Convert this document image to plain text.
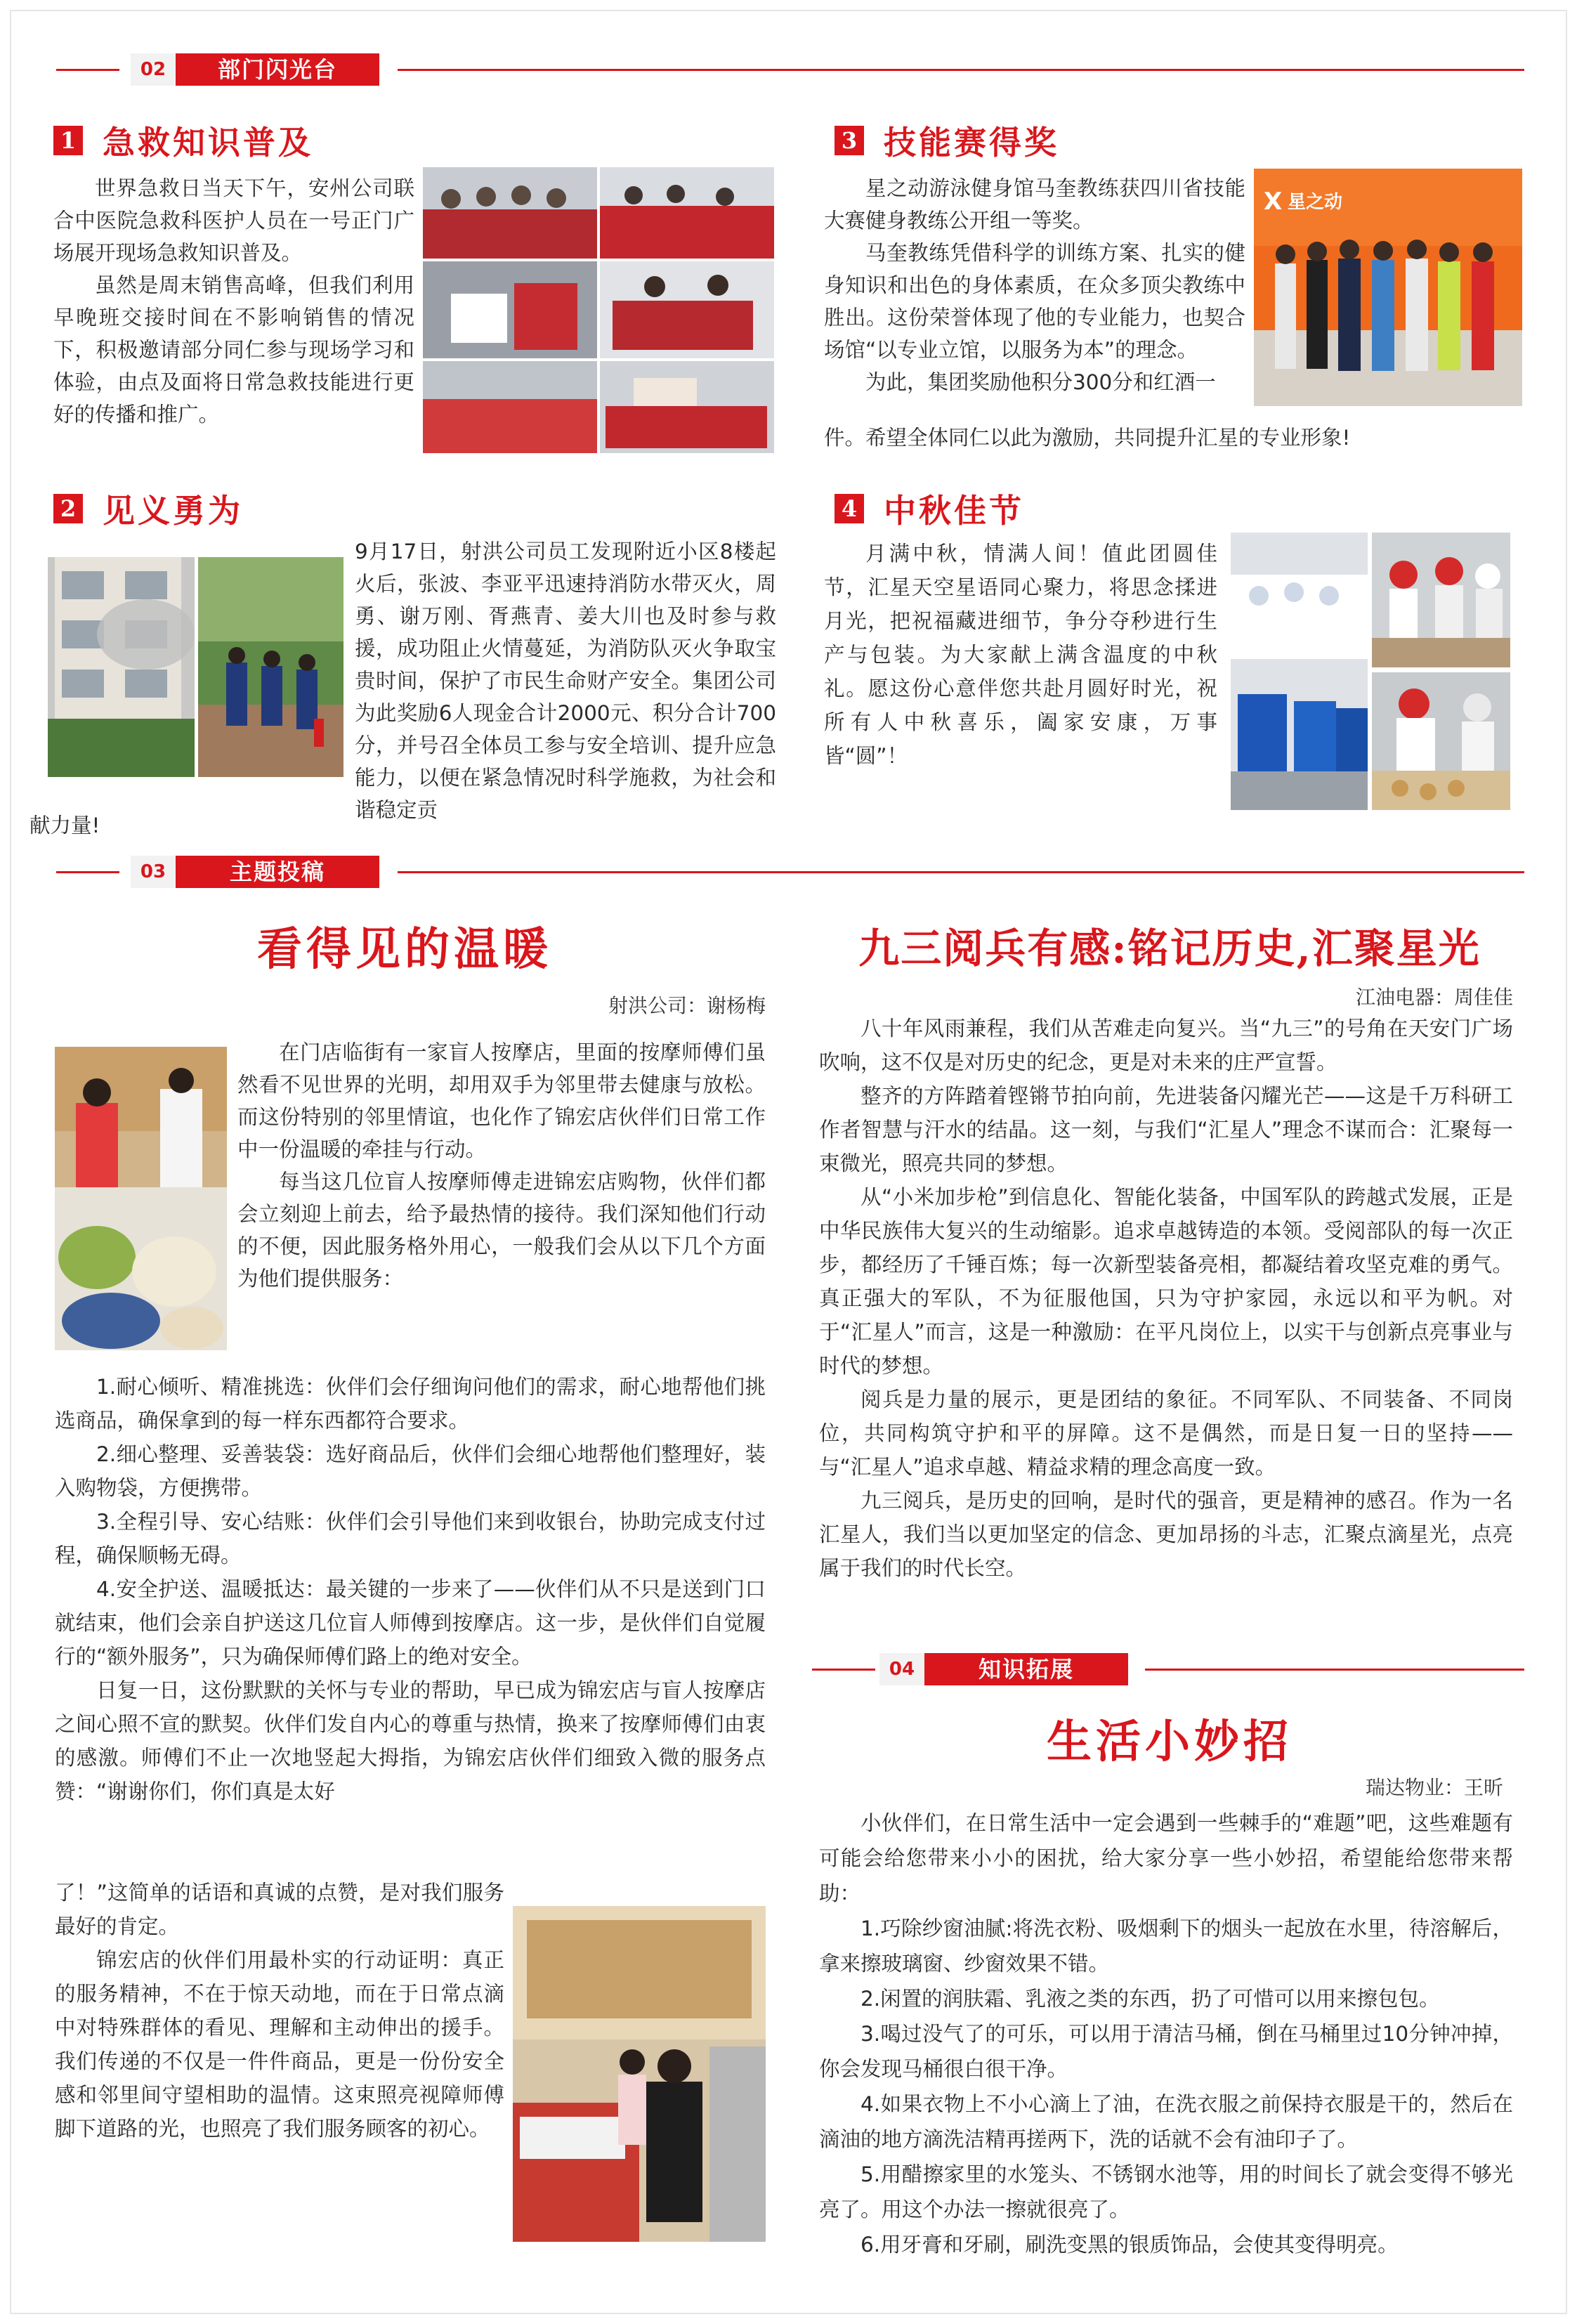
02	部门闪光台
1 急救知识普及

世界急救日当天下午，安州公司联合中医院急救科医护人员在一号正门广场展开现场急救知识普及。

虽然是周末销售高峰，但我们利用早晚班交接时间在不影响销售的情况下，积极邀请部分同仁参与现场学习和体验，由点及面将日常急救技能进行更好的传播和推广。

3 技能赛得奖

星之动游泳健身馆马奎教练获四川省技能大赛健身教练公开组一等奖。

马奎教练凭借科学的训练方案、扎实的健身知识和出色的身体素质，在众多顶尖教练中胜出。这份荣誉体现了他的专业能力，也契合场馆“以专业立馆，以服务为本”的理念。

为此，集团奖励他积分300分和红酒一

件。希望全体同仁以此为激励，共同提升汇星的专业形象!

X 星之动
2 见义勇为

9月17日，射洪公司员工发现附近小区8楼起火后，张波、李亚平迅速持消防水带灭火，周勇、谢万刚、胥燕青、姜大川也及时参与救援，成功阻止火情蔓延，为消防队灭火争取宝贵时间，保护了市民生命财产安全。集团公司为此奖励6人现金合计2000元、积分合计700分，并号召全体员工参与安全培训、提升应急能力，以便在紧急情况时科学施救，为社会和谐稳定贡

献力量!

4 中秋佳节

月满中秋，情满人间！值此团圆佳节，汇星天空星语同心聚力，将思念揉进月光，把祝福藏进细节，争分夺秒进行生产与包装。为大家献上满含温度的中秋礼。愿这份心意伴您共赴月圆好时光，祝所有人中秋喜乐，阖家安康，万事皆“圆”！

03	主题投稿
看得见的温暖
射洪公司：谢杨梅

在门店临街有一家盲人按摩店，里面的按摩师傅们虽然看不见世界的光明，却用双手为邻里带去健康与放松。而这份特别的邻里情谊，也化作了锦宏店伙伴们日常工作中一份温暖的牵挂与行动。

每当这几位盲人按摩师傅走进锦宏店购物，伙伴们都会立刻迎上前去，给予最热情的接待。我们深知他们行动的不便，因此服务格外用心，一般我们会从以下几个方面为他们提供服务：

1.耐心倾听、精准挑选：伙伴们会仔细询问他们的需求，耐心地帮他们挑选商品，确保拿到的每一样东西都符合要求。

2.细心整理、妥善装袋：选好商品后，伙伴们会细心地帮他们整理好，装入购物袋，方便携带。

3.全程引导、安心结账：伙伴们会引导他们来到收银台，协助完成支付过程，确保顺畅无碍。

4.安全护送、温暖抵达：最关键的一步来了——伙伴们从不只是送到门口就结束，他们会亲自护送这几位盲人师傅到按摩店。这一步，是伙伴们自觉履行的“额外服务”，只为确保师傅们路上的绝对安全。

日复一日，这份默默的关怀与专业的帮助，早已成为锦宏店与盲人按摩店之间心照不宣的默契。伙伴们发自内心的尊重与热情，换来了按摩师傅们由衷的感激。师傅们不止一次地竖起大拇指，为锦宏店伙伴们细致入微的服务点赞：“谢谢你们，你们真是太好

了！”这简单的话语和真诚的点赞，是对我们服务最好的肯定。

锦宏店的伙伴们用最朴实的行动证明：真正的服务精神，不在于惊天动地，而在于日常点滴中对特殊群体的看见、理解和主动伸出的援手。我们传递的不仅是一件件商品，更是一份份安全感和邻里间守望相助的温情。这束照亮视障师傅脚下道路的光，也照亮了我们服务顾客的初心。

九三阅兵有感:铭记历史,汇聚星光
江油电器：周佳佳

八十年风雨兼程，我们从苦难走向复兴。当“九三”的号角在天安门广场吹响，这不仅是对历史的纪念，更是对未来的庄严宣誓。

整齐的方阵踏着铿锵节拍向前，先进装备闪耀光芒——这是千万科研工作者智慧与汗水的结晶。这一刻，与我们“汇星人”理念不谋而合：汇聚每一束微光，照亮共同的梦想。

从“小米加步枪”到信息化、智能化装备，中国军队的跨越式发展，正是中华民族伟大复兴的生动缩影。追求卓越铸造的本领。受阅部队的每一次正步，都经历了千锤百炼；每一次新型装备亮相，都凝结着攻坚克难的勇气。真正强大的军队，不为征服他国，只为守护家园，永远以和平为帆。对于“汇星人”而言，这是一种激励：在平凡岗位上，以实干与创新点亮事业与时代的梦想。

阅兵是力量的展示，更是团结的象征。不同军队、不同装备、不同岗位，共同构筑守护和平的屏障。这不是偶然，而是日复一日的坚持——与“汇星人”追求卓越、精益求精的理念高度一致。

九三阅兵，是历史的回响，是时代的强音，更是精神的感召。作为一名汇星人，我们当以更加坚定的信念、更加昂扬的斗志，汇聚点滴星光，点亮属于我们的时代长空。

04	知识拓展
生活小妙招
瑞达物业：王昕

小伙伴们，在日常生活中一定会遇到一些棘手的“难题”吧，这些难题有可能会给您带来小小的困扰，给大家分享一些小妙招，希望能给您带来帮助：

1.巧除纱窗油腻:将洗衣粉、吸烟剩下的烟头一起放在水里，待溶解后，拿来擦玻璃窗、纱窗效果不错。

2.闲置的润肤霜、乳液之类的东西，扔了可惜可以用来擦包包。

3.喝过没气了的可乐，可以用于清洁马桶，倒在马桶里过10分钟冲掉，你会发现马桶很白很干净。

4.如果衣物上不小心滴上了油，在洗衣服之前保持衣服是干的，然后在滴油的地方滴洗洁精再搓两下，洗的话就不会有油印子了。

5.用醋擦家里的水笼头、不锈钢水池等，用的时间长了就会变得不够光亮了。用这个办法一擦就很亮了。

6.用牙膏和牙刷，刷洗变黑的银质饰品，会使其变得明亮。
